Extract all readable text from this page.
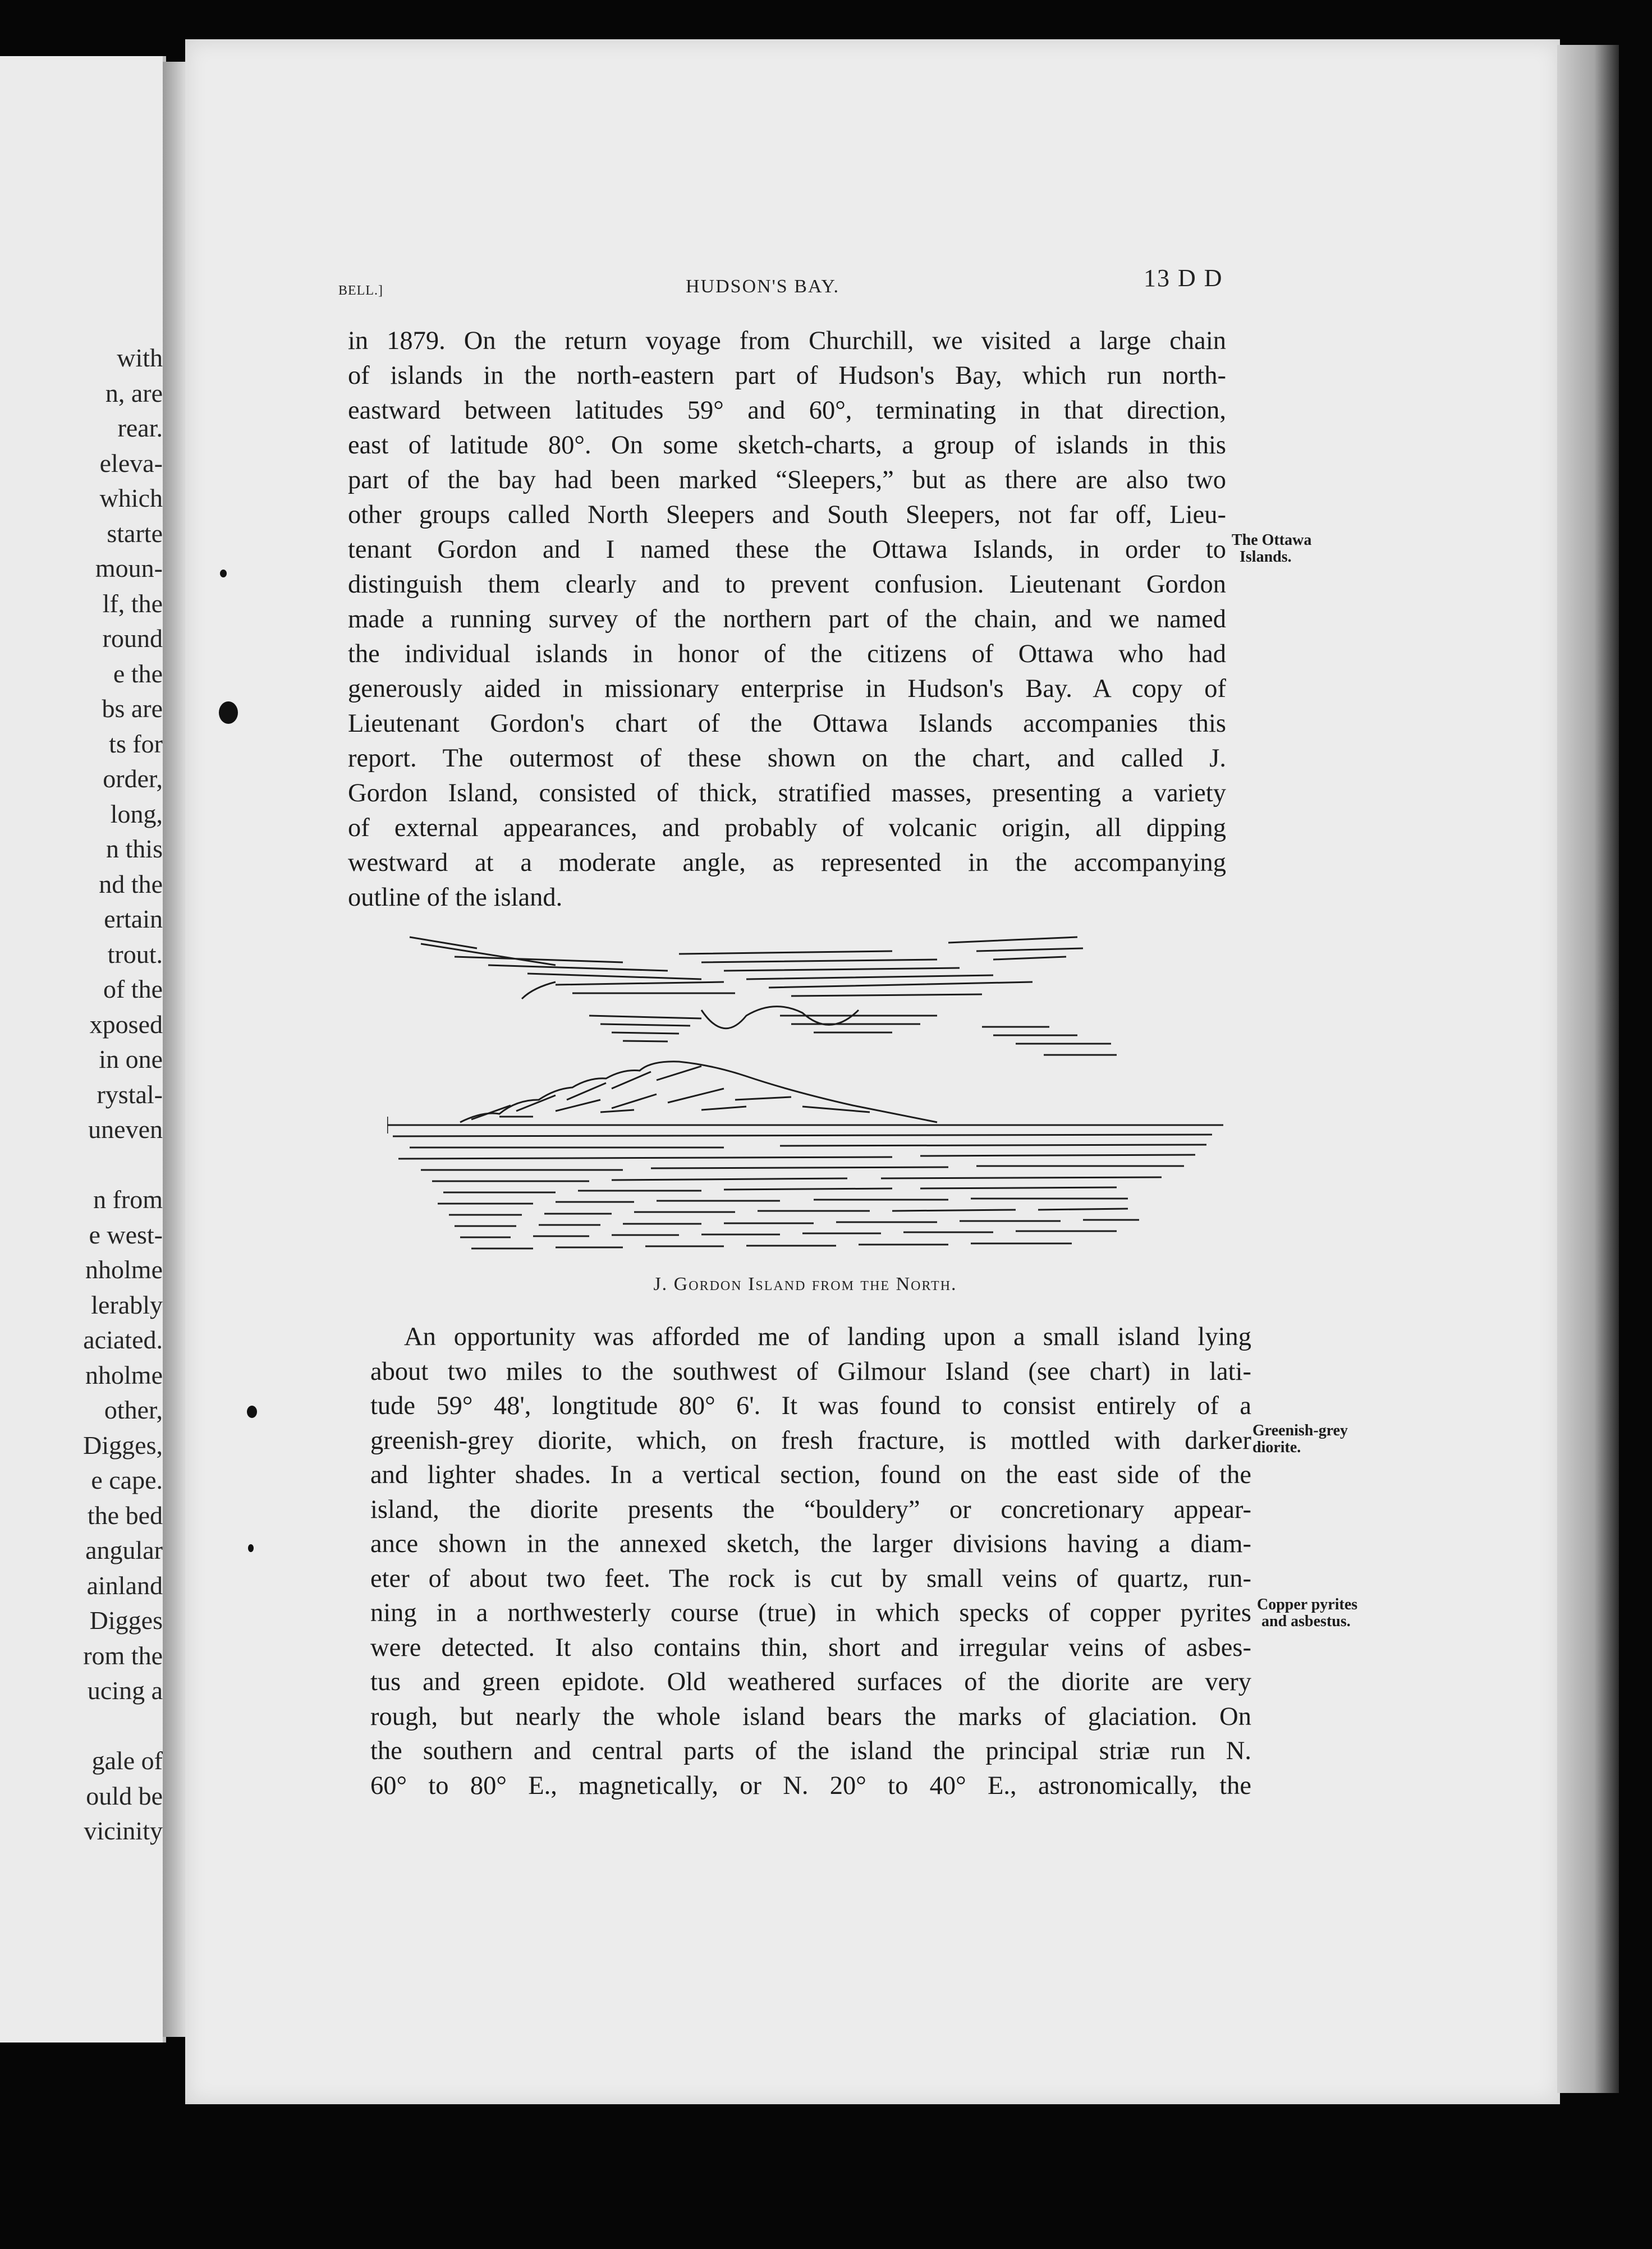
with
n, are
rear.
eleva-
which
starte
moun-
lf, the
round
e the
bs are
ts for
order,
long,
n this
nd the
ertain
trout.
of the
xposed
in one
rystal-
uneven
n from
e west-
nholme
lerably
aciated.
nholme
other,
Digges,
e cape.
the bed
angular
ainland
Digges
rom the
ucing a
gale of
ould be
vicinity
BELL.]	HUDSON'S BAY.	13 D D
in 1879. On the return voyage from Churchill, we visited a large chain
of islands in the north-eastern part of Hudson's Bay, which run north-
eastward between latitudes 59° and 60°, terminating in that direction,
east of latitude 80°. On some sketch-charts, a group of islands in this
part of the bay had been marked “Sleepers,” but as there are also two
other groups called North Sleepers and South Sleepers, not far off, Lieu-
tenant Gordon and I named these the Ottawa Islands, in order to
distinguish them clearly and to prevent confusion. Lieutenant Gordon
made a running survey of the northern part of the chain, and we named
the individual islands in honor of the citizens of Ottawa who had
generously aided in missionary enterprise in Hudson's Bay. A copy of
Lieutenant Gordon's chart of the Ottawa Islands accompanies this
report. The outermost of these shown on the chart, and called J.
Gordon Island, consisted of thick, stratified masses, presenting a variety
of external appearances, and probably of volcanic origin, all dipping
westward at a moderate angle, as represented in the accompanying
outline of the island.
The Ottawa
Islands.
J. Gordon Island from the North.
An opportunity was afforded me of landing upon a small island lying
about two miles to the southwest of Gilmour Island (see chart) in lati-
tude 59° 48', longtitude 80° 6'. It was found to consist entirely of a
greenish-grey diorite, which, on fresh fracture, is mottled with darker
and lighter shades. In a vertical section, found on the east side of the
island, the diorite presents the “bouldery” or concretionary appear-
ance shown in the annexed sketch, the larger divisions having a diam-
eter of about two feet. The rock is cut by small veins of quartz, run-
ning in a northwesterly course (true) in which specks of copper pyrites
were detected. It also contains thin, short and irregular veins of asbes-
tus and green epidote. Old weathered surfaces of the diorite are very
rough, but nearly the whole island bears the marks of glaciation. On
the southern and central parts of the island the principal striæ run N.
60° to 80° E., magnetically, or N. 20° to 40° E., astronomically, the
Greenish-grey
diorite.
Copper pyrites
and asbestus.
